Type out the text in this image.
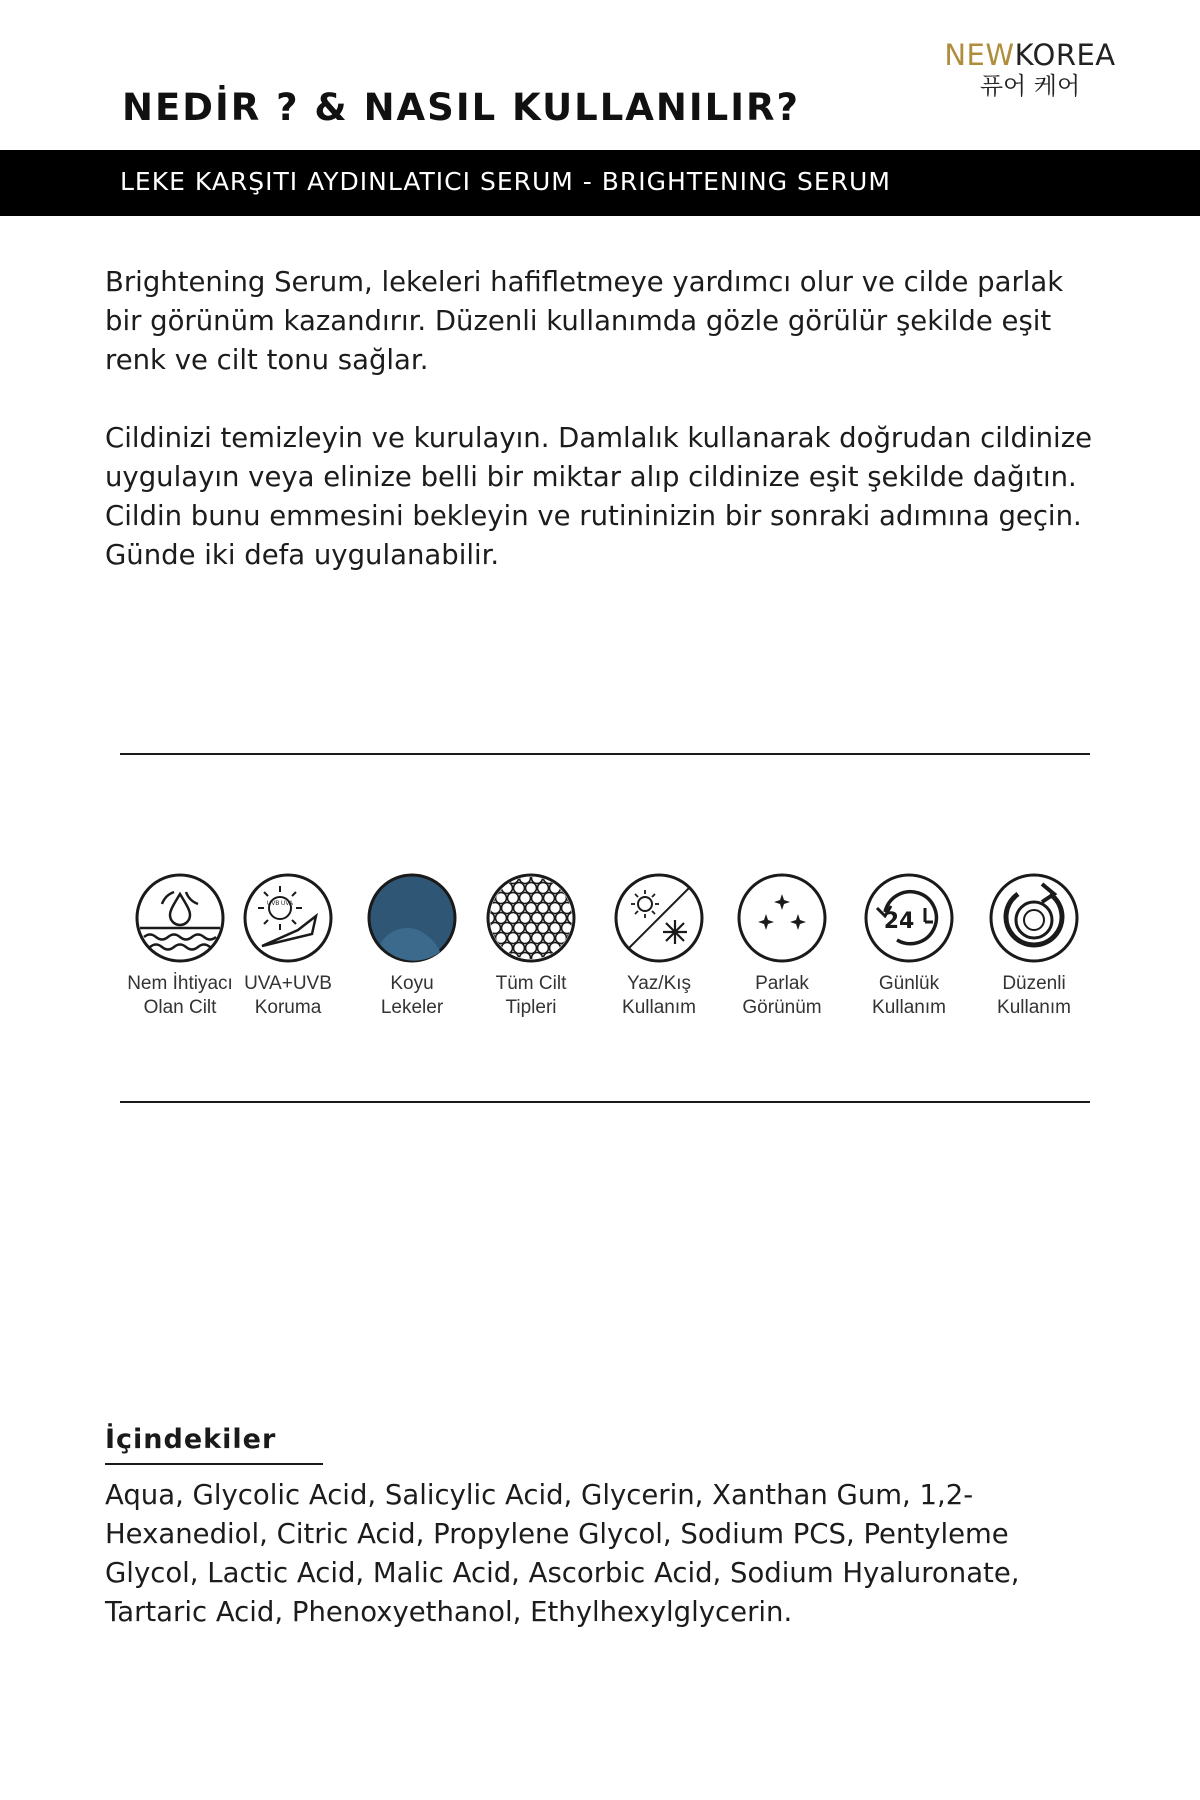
NEWKOREA
퓨어 케어
NEDİR ? & NASIL KULLANILIR?
LEKE KARŞITI AYDINLATICI SERUM - BRIGHTENING SERUM

Brightening Serum, lekeleri hafifletmeye yardımcı olur ve cilde parlak bir görünüm kazandırır. Düzenli kullanımda gözle görülür şekilde eşit renk ve cilt tonu sağlar.

Cildinizi temizleyin ve kurulayın. Damlalık kullanarak doğrudan cildinize uygulayın veya elinize belli bir miktar alıp cildinize eşit şekilde dağıtın. Cildin bunu emmesini bekleyin ve rutininizin bir sonraki adımına geçin. Günde iki defa uygulanabilir.

Nem İhtiyacı
Olan Cilt
UVB UVA
UVA+UVB
Koruma
Koyu
Lekeler
Tüm Cilt
Tipleri
Yaz/Kış
Kullanım
Parlak
Görünüm
24
Günlük
Kullanım
Düzenli
Kullanım
İçindekiler

Aqua, Glycolic Acid, Salicylic Acid, Glycerin, Xanthan Gum, 1,2-Hexanediol, Citric Acid, Propylene Glycol, Sodium PCS, Pentyleme Glycol, Lactic Acid, Malic Acid, Ascorbic Acid, Sodium Hyaluronate, Tartaric Acid, Phenoxyethanol, Ethylhexylglycerin.
